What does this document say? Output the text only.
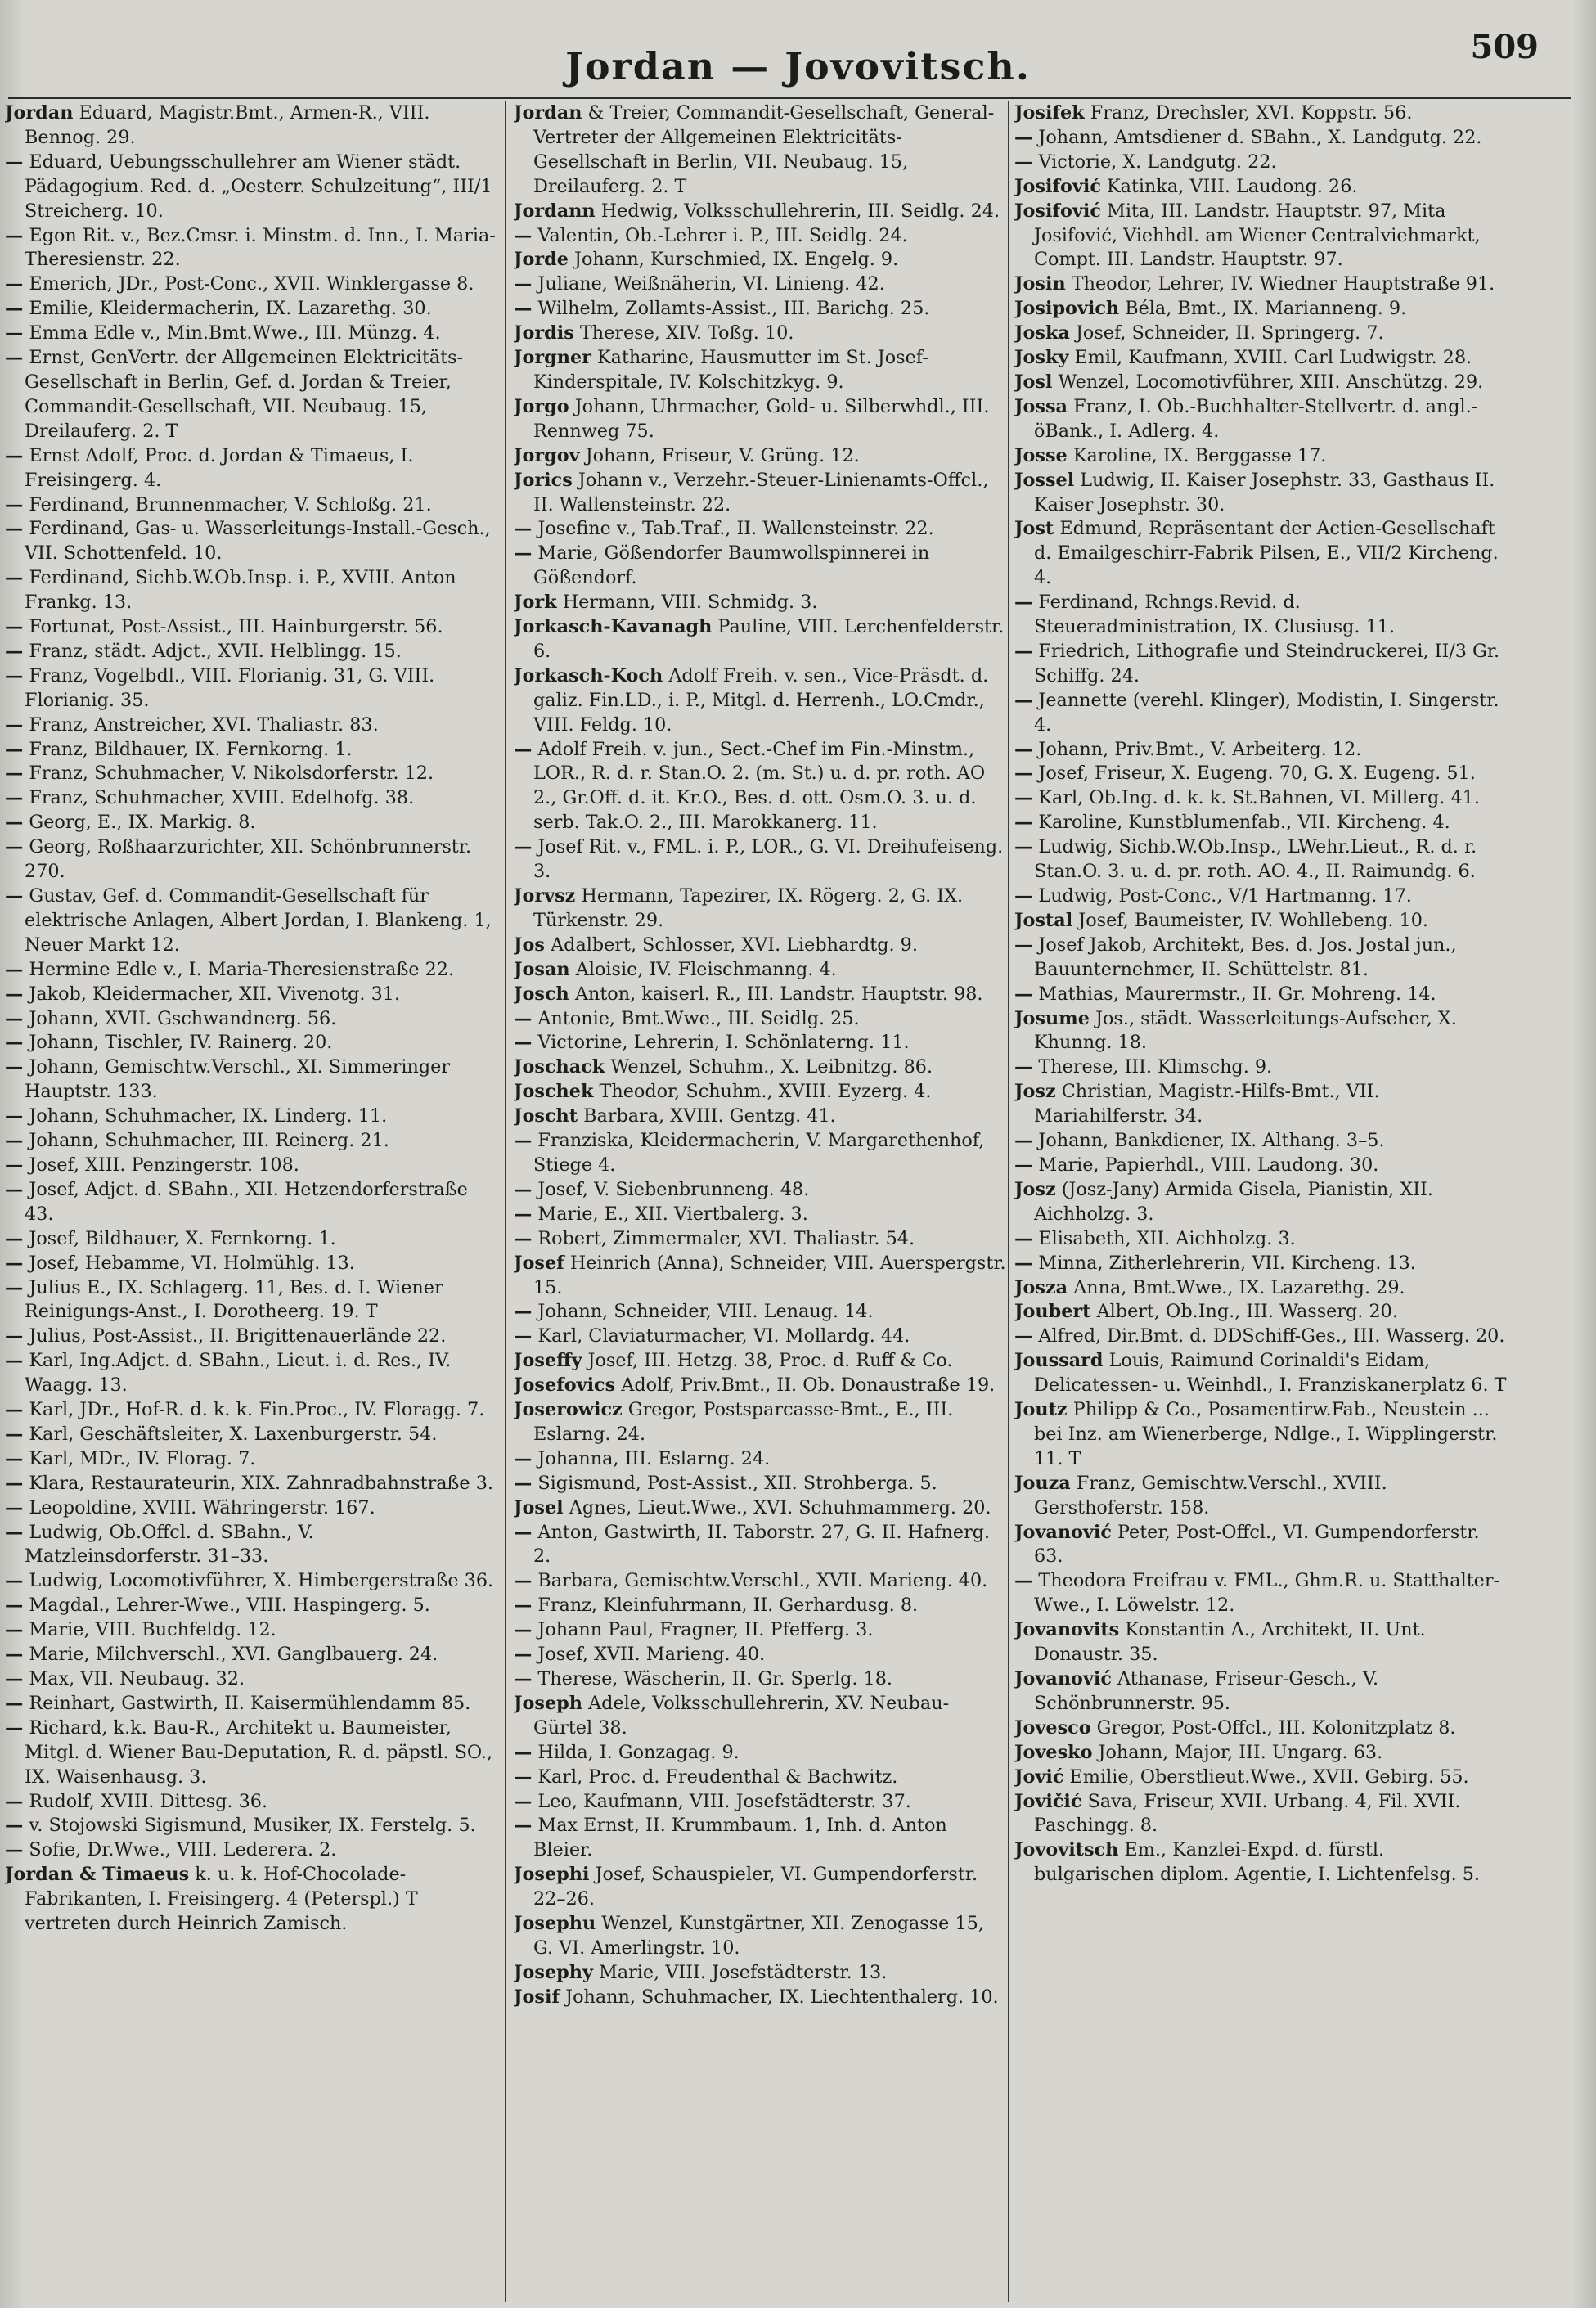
Jordan — Jovovitsch.	509

Jordan Eduard, Magistr.Bmt., Armen-R., VIII. Bennog. 29.

— Eduard, Uebungsschullehrer am Wiener städt. Pädagogium. Red. d. „Oesterr. Schulzeitung“, III/1 Streicherg. 10.

— Egon Rit. v., Bez.Cmsr. i. Minstm. d. Inn., I. Maria-Theresienstr. 22.

— Emerich, JDr., Post-Conc., XVII. Winklergasse 8.

— Emilie, Kleidermacherin, IX. Lazarethg. 30.

— Emma Edle v., Min.Bmt.Wwe., III. Münzg. 4.

— Ernst, GenVertr. der Allgemeinen Elektricitäts-Gesellschaft in Berlin, Gef. d. Jordan & Treier, Commandit-Gesellschaft, VII. Neubaug. 15, Dreilauferg. 2. T

— Ernst Adolf, Proc. d. Jordan & Timaeus, I. Freisingerg. 4.

— Ferdinand, Brunnenmacher, V. Schloßg. 21.

— Ferdinand, Gas- u. Wasserleitungs-Install.-Gesch., VII. Schottenfeld. 10.

— Ferdinand, Sichb.W.Ob.Insp. i. P., XVIII. Anton Frankg. 13.

— Fortunat, Post-Assist., III. Hainburgerstr. 56.

— Franz, städt. Adjct., XVII. Helblingg. 15.

— Franz, Vogelbdl., VIII. Florianig. 31, G. VIII. Florianig. 35.

— Franz, Anstreicher, XVI. Thaliastr. 83.

— Franz, Bildhauer, IX. Fernkorng. 1.

— Franz, Schuhmacher, V. Nikolsdorferstr. 12.

— Franz, Schuhmacher, XVIII. Edelhofg. 38.

— Georg, E., IX. Markig. 8.

— Georg, Roßhaarzurichter, XII. Schönbrunnerstr. 270.

— Gustav, Gef. d. Commandit-Gesellschaft für elektrische Anlagen, Albert Jordan, I. Blankeng. 1, Neuer Markt 12.

— Hermine Edle v., I. Maria-Theresienstraße 22.

— Jakob, Kleidermacher, XII. Vivenotg. 31.

— Johann, XVII. Gschwandnerg. 56.

— Johann, Tischler, IV. Rainerg. 20.

— Johann, Gemischtw.Verschl., XI. Simmeringer Hauptstr. 133.

— Johann, Schuhmacher, IX. Linderg. 11.

— Johann, Schuhmacher, III. Reinerg. 21.

— Josef, XIII. Penzingerstr. 108.

— Josef, Adjct. d. SBahn., XII. Hetzendorferstraße 43.

— Josef, Bildhauer, X. Fernkorng. 1.

— Josef, Hebamme, VI. Holmühlg. 13.

— Julius E., IX. Schlagerg. 11, Bes. d. I. Wiener Reinigungs-Anst., I. Dorotheerg. 19. T

— Julius, Post-Assist., II. Brigittenauerlände 22.

— Karl, Ing.Adjct. d. SBahn., Lieut. i. d. Res., IV. Waagg. 13.

— Karl, JDr., Hof-R. d. k. k. Fin.Proc., IV. Floragg. 7.

— Karl, Geschäftsleiter, X. Laxenburgerstr. 54.

— Karl, MDr., IV. Florag. 7.

— Klara, Restaurateurin, XIX. Zahnradbahnstraße 3.

— Leopoldine, XVIII. Währingerstr. 167.

— Ludwig, Ob.Offcl. d. SBahn., V. Matzleinsdorferstr. 31–33.

— Ludwig, Locomotivführer, X. Himbergerstraße 36.

— Magdal., Lehrer-Wwe., VIII. Haspingerg. 5.

— Marie, VIII. Buchfeldg. 12.

— Marie, Milchverschl., XVI. Ganglbauerg. 24.

— Max, VII. Neubaug. 32.

— Reinhart, Gastwirth, II. Kaisermühlendamm 85.

— Richard, k.k. Bau-R., Architekt u. Baumeister, Mitgl. d. Wiener Bau-Deputation, R. d. päpstl. SO., IX. Waisenhausg. 3.

— Rudolf, XVIII. Dittesg. 36.

— v. Stojowski Sigismund, Musiker, IX. Ferstelg. 5.

— Sofie, Dr.Wwe., VIII. Lederera. 2.

Jordan & Timaeus k. u. k. Hof-Chocolade-Fabrikanten, I. Freisingerg. 4 (Peterspl.) T vertreten durch Heinrich Zamisch.

Jordan & Treier, Commandit-Gesellschaft, General-Vertreter der Allgemeinen Elektricitäts-Gesellschaft in Berlin, VII. Neubaug. 15, Dreilauferg. 2. T

Jordann Hedwig, Volksschullehrerin, III. Seidlg. 24.

— Valentin, Ob.-Lehrer i. P., III. Seidlg. 24.

Jorde Johann, Kurschmied, IX. Engelg. 9.

— Juliane, Weißnäherin, VI. Linieng. 42.

— Wilhelm, Zollamts-Assist., III. Barichg. 25.

Jordis Therese, XIV. Toßg. 10.

Jorgner Katharine, Hausmutter im St. Josef-Kinderspitale, IV. Kolschitzkyg. 9.

Jorgo Johann, Uhrmacher, Gold- u. Silberwhdl., III. Rennweg 75.

Jorgov Johann, Friseur, V. Grüng. 12.

Jorics Johann v., Verzehr.-Steuer-Linienamts-Offcl., II. Wallensteinstr. 22.

— Josefine v., Tab.Traf., II. Wallensteinstr. 22.

— Marie, Gößendorfer Baumwollspinnerei in Gößendorf.

Jork Hermann, VIII. Schmidg. 3.

Jorkasch-Kavanagh Pauline, VIII. Lerchenfelderstr. 6.

Jorkasch-Koch Adolf Freih. v. sen., Vice-Präsdt. d. galiz. Fin.LD., i. P., Mitgl. d. Herrenh., LO.Cmdr., VIII. Feldg. 10.

— Adolf Freih. v. jun., Sect.-Chef im Fin.-Minstm., LOR., R. d. r. Stan.O. 2. (m. St.) u. d. pr. roth. AO 2., Gr.Off. d. it. Kr.O., Bes. d. ott. Osm.O. 3. u. d. serb. Tak.O. 2., III. Marokkanerg. 11.

— Josef Rit. v., FML. i. P., LOR., G. VI. Dreihufeiseng. 3.

Jorvsz Hermann, Tapezirer, IX. Rögerg. 2, G. IX. Türkenstr. 29.

Jos Adalbert, Schlosser, XVI. Liebhardtg. 9.

Josan Aloisie, IV. Fleischmanng. 4.

Josch Anton, kaiserl. R., III. Landstr. Hauptstr. 98.

— Antonie, Bmt.Wwe., III. Seidlg. 25.

— Victorine, Lehrerin, I. Schönlaterng. 11.

Joschack Wenzel, Schuhm., X. Leibnitzg. 86.

Joschek Theodor, Schuhm., XVIII. Eyzerg. 4.

Joscht Barbara, XVIII. Gentzg. 41.

— Franziska, Kleidermacherin, V. Margarethenhof, Stiege 4.

— Josef, V. Siebenbrunneng. 48.

— Marie, E., XII. Viertbalerg. 3.

— Robert, Zimmermaler, XVI. Thaliastr. 54.

Josef Heinrich (Anna), Schneider, VIII. Auerspergstr. 15.

— Johann, Schneider, VIII. Lenaug. 14.

— Karl, Claviaturmacher, VI. Mollardg. 44.

Joseffy Josef, III. Hetzg. 38, Proc. d. Ruff & Co.

Josefovics Adolf, Priv.Bmt., II. Ob. Donaustraße 19.

Joserowicz Gregor, Postsparcasse-Bmt., E., III. Eslarng. 24.

— Johanna, III. Eslarng. 24.

— Sigismund, Post-Assist., XII. Strohberga. 5.

Josel Agnes, Lieut.Wwe., XVI. Schuhmammerg. 20.

— Anton, Gastwirth, II. Taborstr. 27, G. II. Hafnerg. 2.

— Barbara, Gemischtw.Verschl., XVII. Marieng. 40.

— Franz, Kleinfuhrmann, II. Gerhardusg. 8.

— Johann Paul, Fragner, II. Pfefferg. 3.

— Josef, XVII. Marieng. 40.

— Therese, Wäscherin, II. Gr. Sperlg. 18.

Joseph Adele, Volksschullehrerin, XV. Neubau-Gürtel 38.

— Hilda, I. Gonzagag. 9.

— Karl, Proc. d. Freudenthal & Bachwitz.

— Leo, Kaufmann, VIII. Josefstädterstr. 37.

— Max Ernst, II. Krummbaum. 1, Inh. d. Anton Bleier.

Josephi Josef, Schauspieler, VI. Gumpendorferstr. 22–26.

Josephu Wenzel, Kunstgärtner, XII. Zenogasse 15, G. VI. Amerlingstr. 10.

Josephy Marie, VIII. Josefstädterstr. 13.

Josif Johann, Schuhmacher, IX. Liechtenthalerg. 10.

Josifek Franz, Drechsler, XVI. Koppstr. 56.

— Johann, Amtsdiener d. SBahn., X. Landgutg. 22.

— Victorie, X. Landgutg. 22.

Josifović Katinka, VIII. Laudong. 26.

Josifović Mita, III. Landstr. Hauptstr. 97, Mita Josifović, Viehhdl. am Wiener Centralviehmarkt, Compt. III. Landstr. Hauptstr. 97.

Josin Theodor, Lehrer, IV. Wiedner Hauptstraße 91.

Josipovich Béla, Bmt., IX. Marianneng. 9.

Joska Josef, Schneider, II. Springerg. 7.

Josky Emil, Kaufmann, XVIII. Carl Ludwigstr. 28.

Josl Wenzel, Locomotivführer, XIII. Anschützg. 29.

Jossa Franz, I. Ob.-Buchhalter-Stellvertr. d. angl.-öBank., I. Adlerg. 4.

Josse Karoline, IX. Berggasse 17.

Jossel Ludwig, II. Kaiser Josephstr. 33, Gasthaus II. Kaiser Josephstr. 30.

Jost Edmund, Repräsentant der Actien-Gesellschaft d. Emailgeschirr-Fabrik Pilsen, E., VII/2 Kircheng. 4.

— Ferdinand, Rchngs.Revid. d. Steueradministration, IX. Clusiusg. 11.

— Friedrich, Lithografie und Steindruckerei, II/3 Gr. Schiffg. 24.

— Jeannette (verehl. Klinger), Modistin, I. Singerstr. 4.

— Johann, Priv.Bmt., V. Arbeiterg. 12.

— Josef, Friseur, X. Eugeng. 70, G. X. Eugeng. 51.

— Karl, Ob.Ing. d. k. k. St.Bahnen, VI. Millerg. 41.

— Karoline, Kunstblumenfab., VII. Kircheng. 4.

— Ludwig, Sichb.W.Ob.Insp., LWehr.Lieut., R. d. r. Stan.O. 3. u. d. pr. roth. AO. 4., II. Raimundg. 6.

— Ludwig, Post-Conc., V/1 Hartmanng. 17.

Jostal Josef, Baumeister, IV. Wohllebeng. 10.

— Josef Jakob, Architekt, Bes. d. Jos. Jostal jun., Bauunternehmer, II. Schüttelstr. 81.

— Mathias, Maurermstr., II. Gr. Mohreng. 14.

Josume Jos., städt. Wasserleitungs-Aufseher, X. Khunng. 18.

— Therese, III. Klimschg. 9.

Josz Christian, Magistr.-Hilfs-Bmt., VII. Mariahilferstr. 34.

— Johann, Bankdiener, IX. Althang. 3–5.

— Marie, Papierhdl., VIII. Laudong. 30.

Josz (Josz-Jany) Armida Gisela, Pianistin, XII. Aichholzg. 3.

— Elisabeth, XII. Aichholzg. 3.

— Minna, Zitherlehrerin, VII. Kircheng. 13.

Josza Anna, Bmt.Wwe., IX. Lazarethg. 29.

Joubert Albert, Ob.Ing., III. Wasserg. 20.

— Alfred, Dir.Bmt. d. DDSchiff-Ges., III. Wasserg. 20.

Joussard Louis, Raimund Corinaldi's Eidam, Delicatessen- u. Weinhdl., I. Franziskanerplatz 6. T

Joutz Philipp & Co., Posamentirw.Fab., Neustein ... bei Inz. am Wienerberge, Ndlge., I. Wipplingerstr. 11. T

Jouza Franz, Gemischtw.Verschl., XVIII. Gersthoferstr. 158.

Jovanović Peter, Post-Offcl., VI. Gumpendorferstr. 63.

— Theodora Freifrau v. FML., Ghm.R. u. Statthalter-Wwe., I. Löwelstr. 12.

Jovanovits Konstantin A., Architekt, II. Unt. Donaustr. 35.

Jovanović Athanase, Friseur-Gesch., V. Schönbrunnerstr. 95.

Jovesco Gregor, Post-Offcl., III. Kolonitzplatz 8.

Jovesko Johann, Major, III. Ungarg. 63.

Jović Emilie, Oberstlieut.Wwe., XVII. Gebirg. 55.

Jovičić Sava, Friseur, XVII. Urbang. 4, Fil. XVII. Paschingg. 8.

Jovovitsch Em., Kanzlei-Expd. d. fürstl. bulgarischen diplom. Agentie, I. Lichtenfelsg. 5.
